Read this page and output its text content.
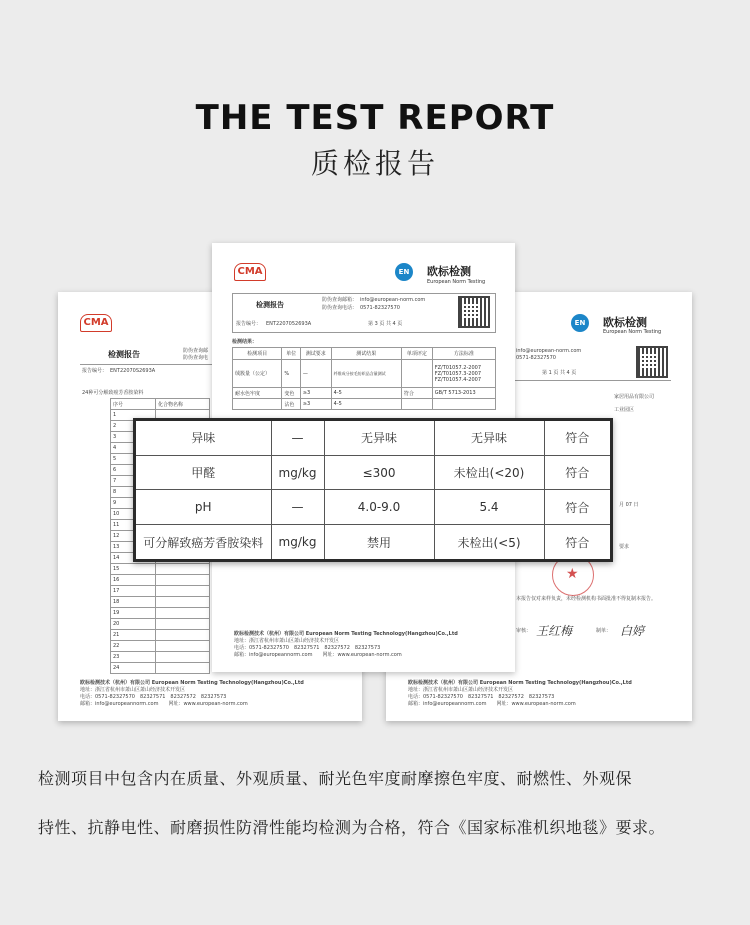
THE TEST REPORT
质检报告
CMA
检测报告	防伪查询邮
防伪查询电
报告编号： ENT22070S2693A
24种可分解致癌芳香胺染料
序号	化合物名称
1	
2	
3	
4	
5	
6	
7	
8	
9	
10	
11	
12	
13	
14	
15	
16	
17	
18	
19	
20	
21	
22	
23	
24	
欧标检测技术（杭州）有限公司 European Norm Testing Technology(Hangzhou)Co.,Ltd
地址：浙江省杭州市萧山区萧山经济技术开发区
电话：0571-82327570　82327571　82327572　82327573
邮箱：info@europeannorm.com　　网址：www.european-norm.com
EN	欧标检测
European Norm Testing
info@european-norm.com
0571-82327570
第 1 页 共 4 页
家居用品有限公司
工业园区
月 07 日
要求
★
本报告仅对来样负责，未经检测机构书面批准不得复制本报告。
审核： 王红梅	制单： 白婷
欧标检测技术（杭州）有限公司 European Norm Testing Technology(Hangzhou)Co.,Ltd
地址：浙江省杭州市萧山区萧山经济技术开发区
电话：0571-82327570　82327571　82327572　82327573
邮箱：info@europeannorm.com　　网址：www.european-norm.com
CMA	EN	欧标检测
European Norm Testing
检测报告
防伪查询邮箱： info@european-norm.com
防伪查询电话： 0571-82327570
报告编号： ENT2207052693A	第 3 页 共 4 页
检测结果：
检测项目	单位	测试要求	测试结果	单项评定	方法标准
绒簇量（公定）	%	—	纤维成分按毛纺织品含量测试		FZ/T01057.2-2007
FZ/T01057.3-2007
FZ/T01057.4-2007

耐水色牢度	变色	≥3	4-5	符合	GB/T 5713-2013
	沾色	≥3	4-5		
欧标检测技术（杭州）有限公司 European Norm Testing Technology(Hangzhou)Co.,Ltd
地址：浙江省杭州市萧山区萧山经济技术开发区
电话：0571-82327570　82327571　82327572　82327573
邮箱：info@europeannorm.com　　网址：www.european-norm.com
异味	—	无异味	无异味	符合
甲醛	mg/kg	≤300	未检出(<20)	符合
pH	—	4.0-9.0	5.4	符合
可分解致癌芳香胺染料	mg/kg	禁用	未检出(<5)	符合
检测项目中包含内在质量、外观质量、耐光色牢度耐摩擦色牢度、耐燃性、外观保
持性、抗静电性、耐磨损性防滑性能均检测为合格，符合《国家标准机织地毯》要求。
